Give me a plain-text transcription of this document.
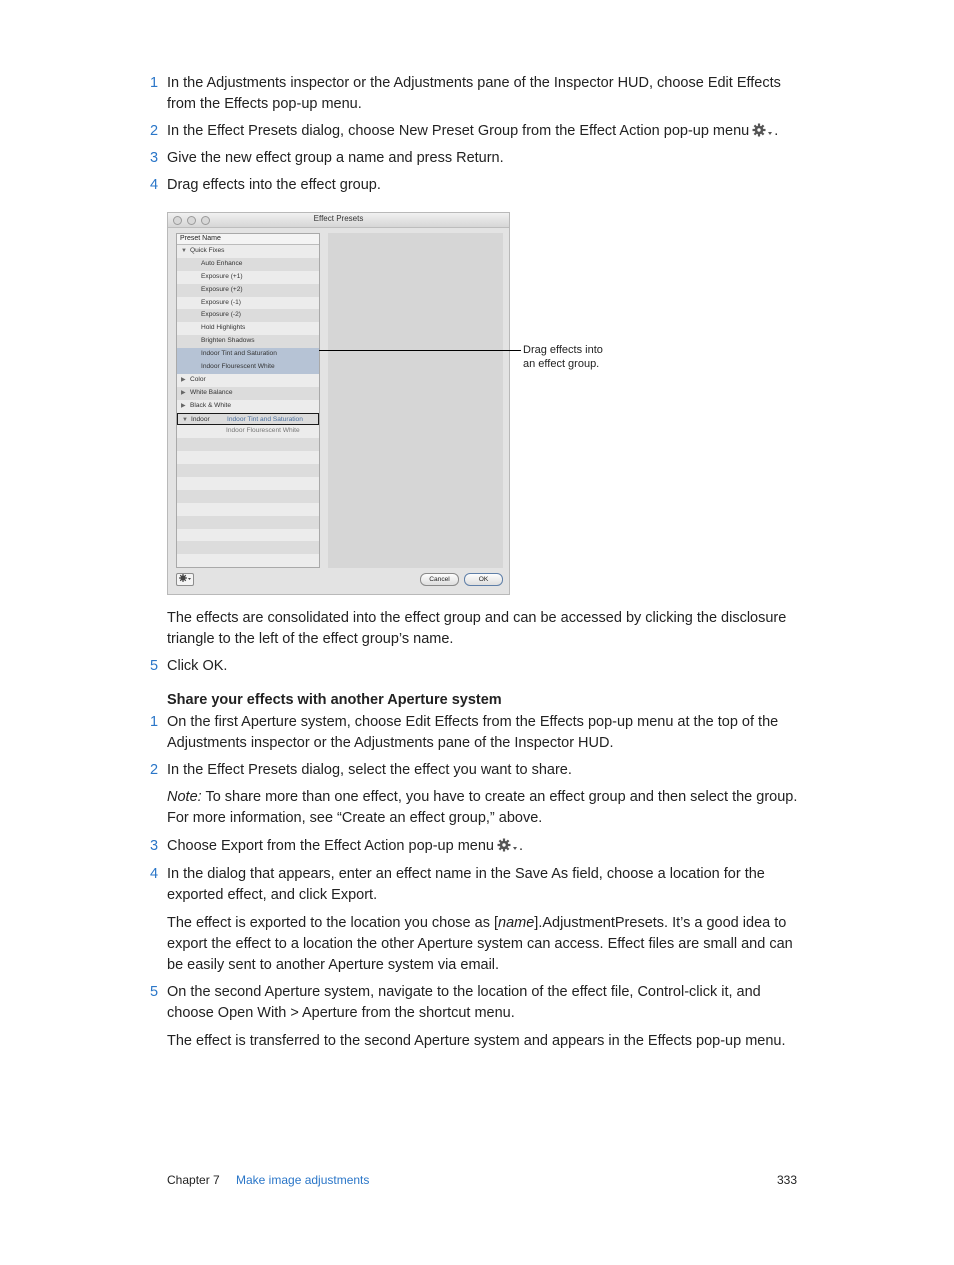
1 In the Adjustments inspector or the Adjustments pane of the Inspector HUD, choose Edit Effects from the Effects pop-up menu.
2 In the Effect Presets dialog, choose New Preset Group from the Effect Action pop-up menu .
3 Give the new effect group a name and press Return.
4 Drag effects into the effect group.
Effect Presets
Preset Name
▼ Quick Fixes
Auto Enhance
Exposure (+1)
Exposure (+2)
Exposure (-1)
Exposure (-2)
Hold Highlights
Brighten Shadows
Indoor Tint and Saturation
Indoor Flourescent White
▶ Color
▶ White Balance
▶ Black & White
▼ Indoor	Indoor Tint and Saturation
Indoor Flourescent White
Cancel	OK
Drag effects into
an effect group.
The effects are consolidated into the effect group and can be accessed by clicking the disclosure triangle to the left of the effect group’s name.
5 Click OK.
Share your effects with another Aperture system
1 On the first Aperture system, choose Edit Effects from the Effects pop-up menu at the top of the Adjustments inspector or the Adjustments pane of the Inspector HUD.
2 In the Effect Presets dialog, select the effect you want to share.
Note: To share more than one effect, you have to create an effect group and then select the group. For more information, see “Create an effect group,” above.
3 Choose Export from the Effect Action pop-up menu .
4 In the dialog that appears, enter an effect name in the Save As field, choose a location for the exported effect, and click Export.
The effect is exported to the location you chose as [name].AdjustmentPresets. It’s a good idea to export the effect to a location the other Aperture system can access. Effect files are small and can be easily sent to another Aperture system via email.
5 On the second Aperture system, navigate to the location of the effect file, Control-click it, and choose Open With > Aperture from the shortcut menu.
The effect is transferred to the second Aperture system and appears in the Effects pop-up menu.
Chapter 7 Make image adjustments	333
